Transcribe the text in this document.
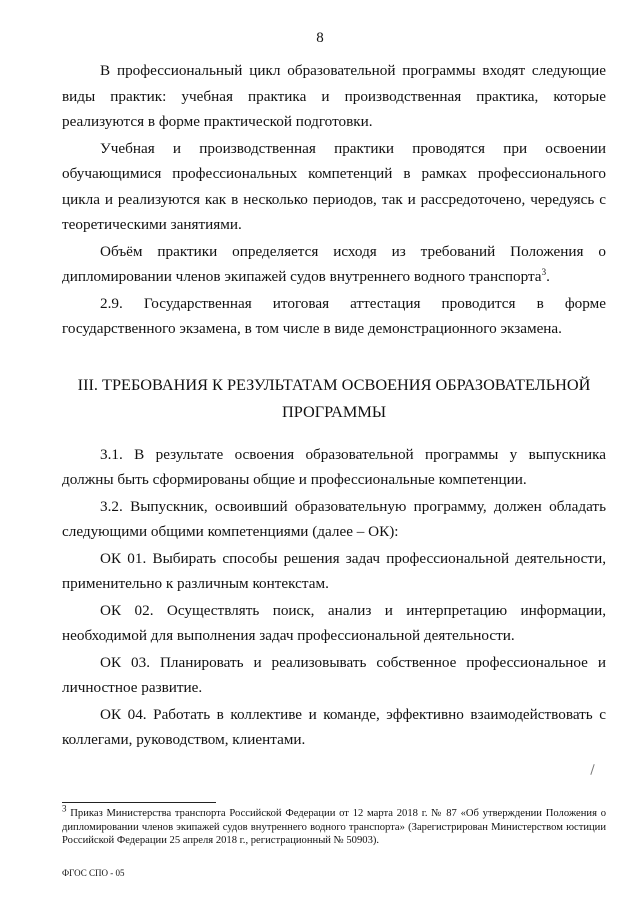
8

В профессиональный цикл образовательной программы входят следующие виды практик: учебная практика и производственная практика, которые реализуются в форме практической подготовки.

Учебная и производственная практики проводятся при освоении обучающимися профессиональных компетенций в рамках профессионального цикла и реализуются как в несколько периодов, так и рассредоточено, чередуясь с теоретическими занятиями.

Объём практики определяется исходя из требований Положения о дипломировании членов экипажей судов внутреннего водного транспорта$^3$.

2.9. Государственная итоговая аттестация проводится в форме государственного экзамена, в том числе в виде демонстрационного экзамена.

III. ТРЕБОВАНИЯ К РЕЗУЛЬТАТАМ ОСВОЕНИЯ ОБРАЗОВАТЕЛЬНОЙ
ПРОГРАММЫ

3.1. В результате освоения образовательной программы у выпускника должны быть сформированы общие и профессиональные компетенции.

3.2. Выпускник, освоивший образовательную программу, должен обладать следующими общими компетенциями (далее – ОК):

ОК 01. Выбирать способы решения задач профессиональной деятельности, применительно к различным контекстам.

ОК 02. Осуществлять поиск, анализ и интерпретацию информации, необходимой для выполнения задач профессиональной деятельности.

ОК 03. Планировать и реализовывать собственное профессиональное и личностное развитие.

ОК 04. Работать в коллективе и команде, эффективно взаимодействовать с коллегами, руководством, клиентами.

$^3$ Приказ Министерства транспорта Российской Федерации от 12 марта 2018 г. № 87 «Об утверждении Положения о дипломировании членов экипажей судов внутреннего водного транспорта» (Зарегистрирован Министерством юстиции Российской Федерации 25 апреля 2018 г., регистрационный № 50903).
ФГОС СПО - 05
